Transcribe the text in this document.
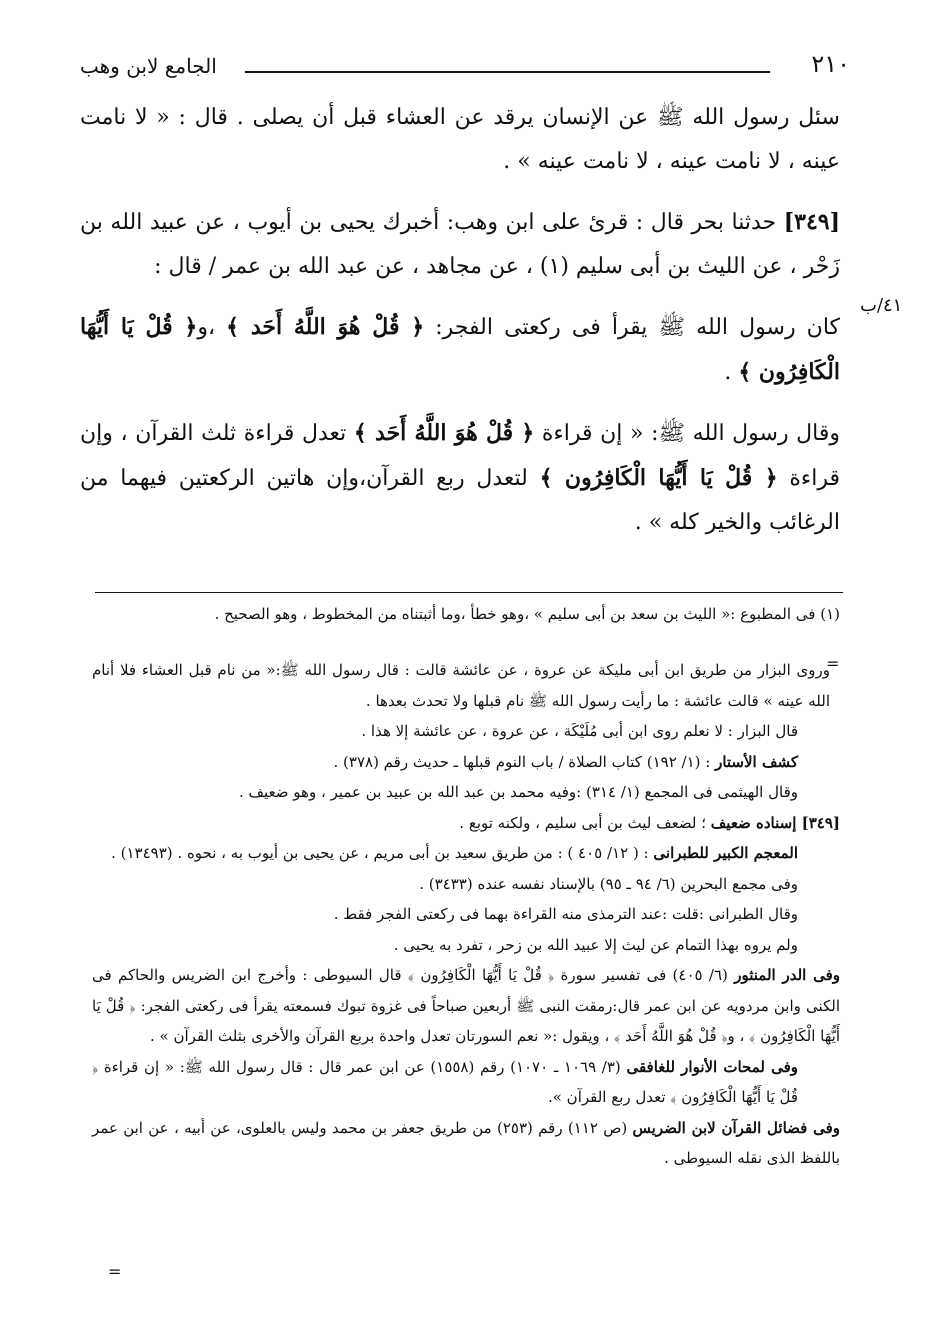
٢١٠
الجامع لابن وهب
٤١/ب

سئل رسول الله ﷺ عن الإنسان يرقد عن العشاء قبل أن يصلى . قال : « لا نامت عينه ، لا نامت عينه ، لا نامت عينه » .

[٣٤٩] حدثنا بحر قال : قرئ على ابن وهب: أخبرك يحيى بن أيوب ، عن عبيد الله بن زَحْر ، عن الليث بن أبى سليم (١) ، عن مجاهد ، عن عبد الله بن عمر / قال :

كان رسول الله ﷺ يقرأ فى ركعتى الفجر: ﴿ قُلْ هُوَ اللَّهُ أَحَد ﴾ ،و﴿ قُلْ يَا أَيُّهَا الْكَافِرُون ﴾ .

وقال رسول الله ﷺ: « إن قراءة ﴿ قُلْ هُوَ اللَّهُ أَحَد ﴾ تعدل قراءة ثلث القرآن ، وإن قراءة ﴿ قُلْ يَا أَيُّهَا الْكَافِرُون ﴾ لتعدل ربع القرآن،وإن هاتين الركعتين فيهما من الرغائب والخير كله » .

(١) فى المطبوع :« الليث بن سعد بن أبى سليم » ،وهو خطأ ،وما أثبتناه من المخطوط ، وهو الصحيح .
=

وروى البزار من طريق ابن أبى مليكة عن عروة ، عن عائشة قالت : قال رسول الله ﷺ:« من نام قبل العشاء فلا أنام الله عينه » قالت عائشة : ما رأيت رسول الله ﷺ نام قبلها ولا تحدث بعدها .

قال البزار : لا نعلم روى ابن أبى مُلَيْكَة ، عن عروة ، عن عائشة إلا هذا .

كشف الأستار : (١/ ١٩٢) كتاب الصلاة / باب النوم قبلها ـ حديث رقم (٣٧٨) .

وقال الهيثمى فى المجمع (١/ ٣١٤) :وفيه محمد بن عبد الله بن عبيد بن عمير ، وهو ضعيف .

[٣٤٩] إسناده ضعيف ؛ لضعف ليث بن أبى سليم ، ولكنه توبع .

المعجم الكبير للطبرانى : ( ١٢/ ٤٠٥ ) : من طريق سعيد بن أبى مريم ، عن يحيى بن أيوب به ، نحوه . (١٣٤٩٣) .

وفى مجمع البحرين (٦/ ٩٤ ـ ٩٥) بالإسناد نفسه عنده (٣٤٣٣) .

وقال الطبرانى :قلت :عند الترمذى منه القراءة بهما فى ركعتى الفجر فقط .

ولم يروه بهذا التمام عن ليث إلا عبيد الله بن زحر ، تفرد به يحيى .

وفى الدر المنثور (٦/ ٤٠٥) فى تفسير سورة ﴿ قُلْ يَا أَيُّهَا الْكَافِرُون ﴾ قال السيوطى : وأخرج ابن الضريس والحاكم فى الكنى وابن مردويه عن ابن عمر قال:رمقت النبى ﷺ أربعين صباحاً فى غزوة تبوك فسمعته يقرأ فى ركعتى الفجر: ﴿ قُلْ يَا أَيُّهَا الْكَافِرُون ﴾ ، و﴿ قُلْ هُوَ اللَّهُ أَحَد ﴾ ، ويقول :« نعم السورتان تعدل واحدة بربع القرآن والأخرى بثلث القرآن » .

وفى لمحات الأنوار للغافقى (٣/ ١٠٦٩ ـ ١٠٧٠) رقم (١٥٥٨) عن ابن عمر قال : قال رسول الله ﷺ: « إن قراءة ﴿ قُلْ يَا أَيُّهَا الْكَافِرُون ﴾ تعدل ربع القرآن ».

وفى فضائل القرآن لابن الضريس (ص ١١٢) رقم (٢٥٣) من طريق جعفر بن محمد وليس بالعلوى، عن أبيه ، عن ابن عمر باللفظ الذى نقله السيوطى .

=
